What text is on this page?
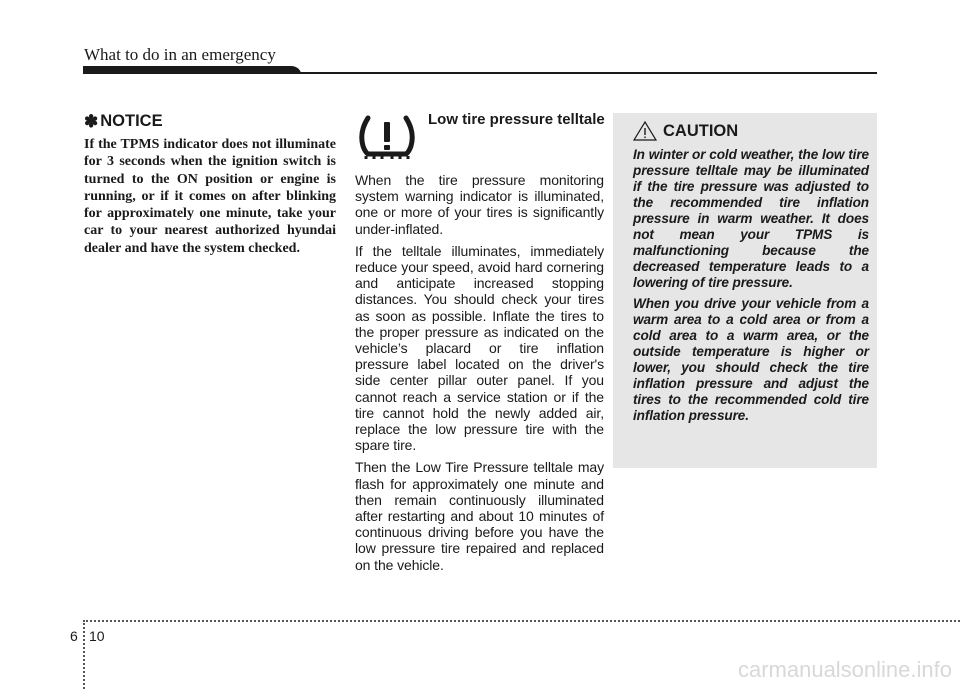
What to do in an emergency
✽ NOTICE

If the TPMS indicator does not illuminate for 3 seconds when the ignition switch is turned to the ON position or engine is running, or if it comes on after blinking for approximately one minute, take your car to your nearest authorized hyundai dealer and have the system checked.

Low tire pressure telltale

When the tire pressure monitoring system warning indicator is illuminated, one or more of your tires is significantly under-inflated.

If the telltale illuminates, immediately reduce your speed, avoid hard cornering and anticipate increased stopping distances. You should check your tires as soon as possible. Inflate the tires to the proper pressure as indicated on the vehicle’s placard or tire inflation pressure label located on the driver's side center pillar outer panel. If you cannot reach a service station or if the tire cannot hold the newly added air, replace the low pressure tire with the spare tire.

Then the Low Tire Pressure telltale may flash for approximately one minute and then remain continuously illuminated after restarting and about 10 minutes of continuous driving before you have the low pressure tire repaired and replaced on the vehicle.

CAUTION

In winter or cold weather, the low tire pressure telltale may be illuminated if the tire pressure was adjusted to the recommended tire inflation pressure in warm weather. It does not mean your TPMS is malfunctioning because the decreased temperature leads to a lowering of tire pressure.

When you drive your vehicle from a warm area to a cold area or from a cold area to a warm area, or the outside temperature is higher or lower, you should check the tire inflation pressure and adjust the tires to the recommended cold tire inflation pressure.

6 10
carmanualsonline.info
